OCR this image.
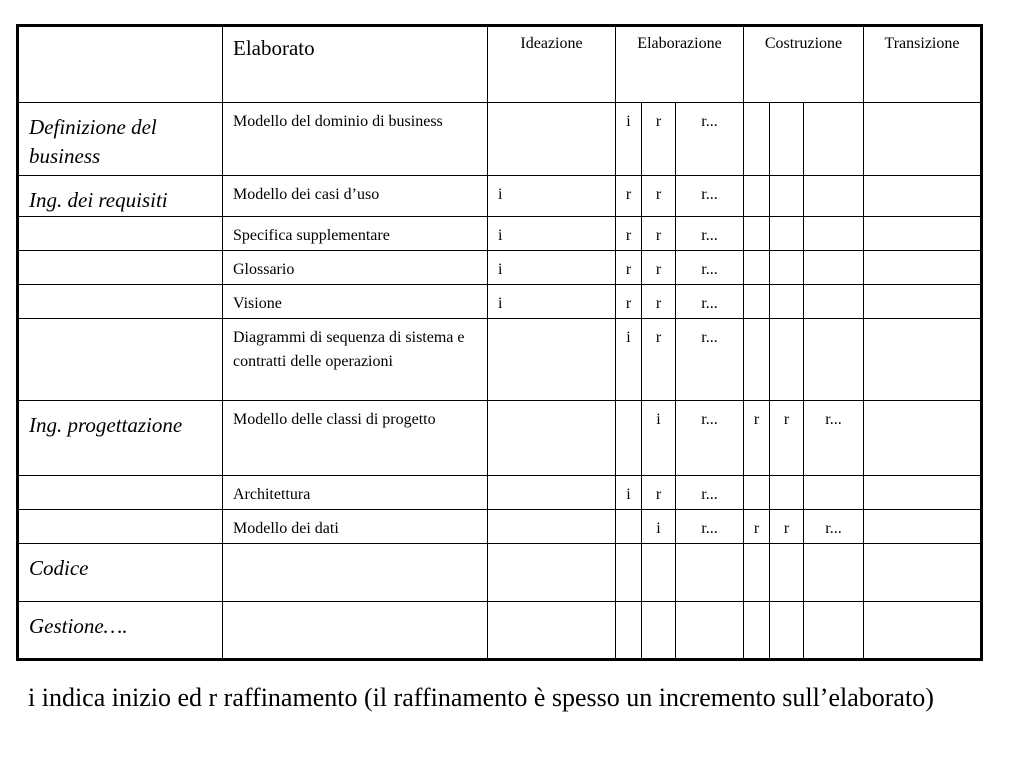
	Elaborato	Ideazione	Elaborazione			Costruzione			Transizione
Definizione del business	Modello del dominio di business		i	r	r...				
Ing. dei requisiti	Modello dei casi d’uso	i	r	r	r...				
	Specifica supplementare	i	r	r	r...				
	Glossario	i	r	r	r...				
	Visione	i	r	r	r...				
	Diagrammi di sequenza di sistema e contratti delle operazioni		i	r	r...				
Ing. progettazione	Modello delle classi di progetto			i	r...	r	r	r...	
	Architettura		i	r	r...				
	Modello dei dati			i	r...	r	r	r...	
Codice									
Gestione….									
i indica inizio ed r raffinamento (il raffinamento è spesso un incremento sull’elaborato)
